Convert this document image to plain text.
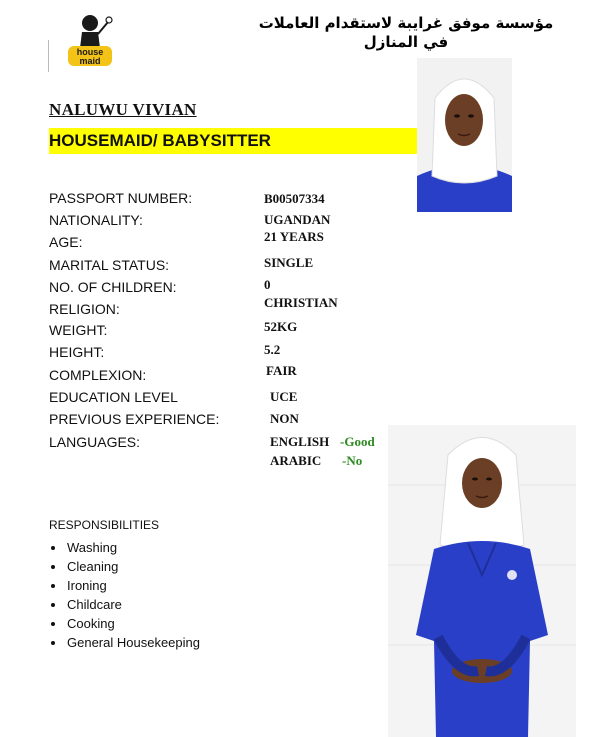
house
maid
مؤسسة موفق غرايبة لاستقدام العاملات في المنازل
NALUWU VIVIAN
HOUSEMAID/ BABYSITTER
PASSPORT NUMBER:	B00507334
NATIONALITY:	UGANDAN
AGE:	21 YEARS
MARITAL STATUS:	SINGLE
NO. OF CHILDREN:	0
RELIGION:	CHRISTIAN
WEIGHT:	52KG
HEIGHT:	5.2
COMPLEXION:	FAIR
EDUCATION LEVEL	UCE
PREVIOUS EXPERIENCE:	NON
LANGUAGES:	ENGLISH -Good
ARABIC -No
RESPONSIBILITIES
Washing
Cleaning
Ironing
Childcare
Cooking
General Housekeeping
